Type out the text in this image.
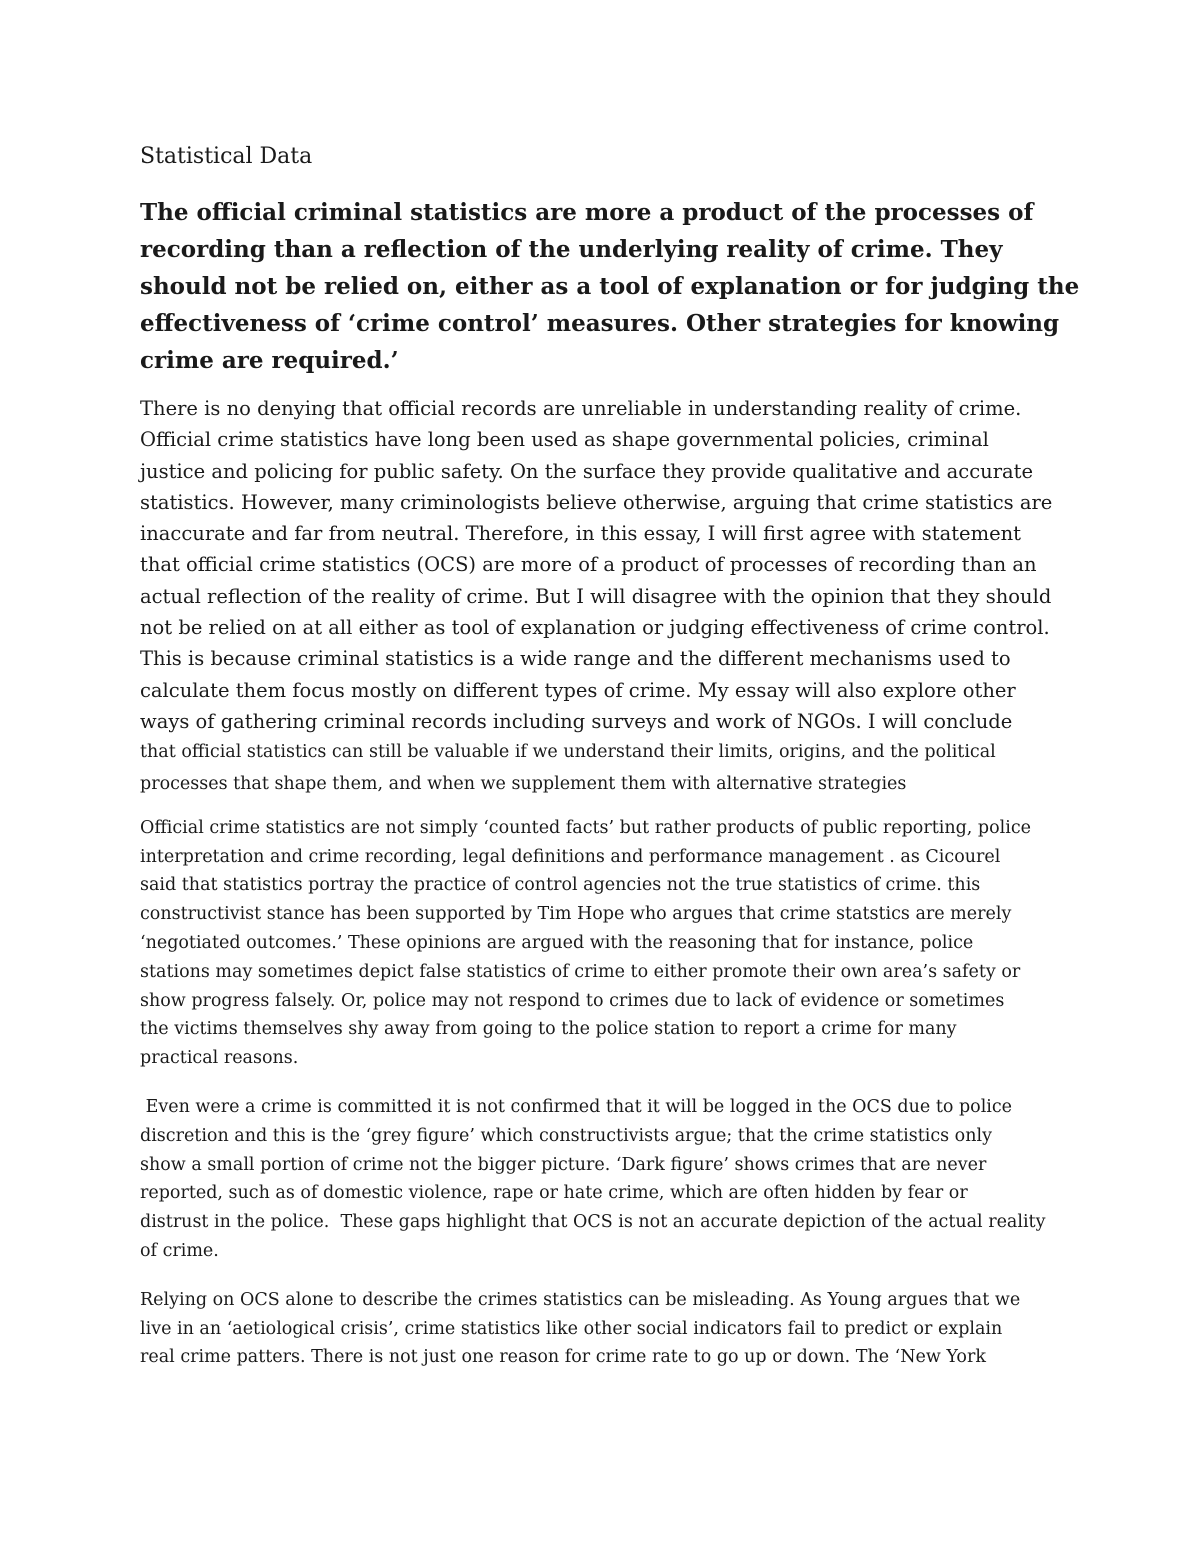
Statistical Data
The official criminal statistics are more a product of the processes of
recording than a reflection of the underlying reality of crime. They
should not be relied on, either as a tool of explanation or for judging the
effectiveness of ‘crime control’ measures. Other strategies for knowing
crime are required.’
There is no denying that official records are unreliable in understanding reality of crime.
Official crime statistics have long been used as shape governmental policies, criminal
justice and policing for public safety. On the surface they provide qualitative and accurate
statistics. However, many criminologists believe otherwise, arguing that crime statistics are
inaccurate and far from neutral. Therefore, in this essay, I will first agree with statement
that official crime statistics (OCS) are more of a product of processes of recording than an
actual reflection of the reality of crime. But I will disagree with the opinion that they should
not be relied on at all either as tool of explanation or judging effectiveness of crime control.
This is because criminal statistics is a wide range and the different mechanisms used to
calculate them focus mostly on different types of crime. My essay will also explore other
ways of gathering criminal records including surveys and work of NGOs. I will conclude
that official statistics can still be valuable if we understand their limits, origins, and the political
processes that shape them, and when we supplement them with alternative strategies
Official crime statistics are not simply ‘counted facts’ but rather products of public reporting, police
interpretation and crime recording, legal definitions and performance management . as Cicourel
said that statistics portray the practice of control agencies not the true statistics of crime. this
constructivist stance has been supported by Tim Hope who argues that crime statstics are merely
‘negotiated outcomes.’ These opinions are argued with the reasoning that for instance, police
stations may sometimes depict false statistics of crime to either promote their own area’s safety or
show progress falsely. Or, police may not respond to crimes due to lack of evidence or sometimes
the victims themselves shy away from going to the police station to report a crime for many
practical reasons.
Even were a crime is committed it is not confirmed that it will be logged in the OCS due to police
discretion and this is the ‘grey figure’ which constructivists argue; that the crime statistics only
show a small portion of crime not the bigger picture. ‘Dark figure’ shows crimes that are never
reported, such as of domestic violence, rape or hate crime, which are often hidden by fear or
distrust in the police.  These gaps highlight that OCS is not an accurate depiction of the actual reality
of crime.
Relying on OCS alone to describe the crimes statistics can be misleading. As Young argues that we
live in an ‘aetiological crisis’, crime statistics like other social indicators fail to predict or explain
real crime patters. There is not just one reason for crime rate to go up or down. The ‘New York
